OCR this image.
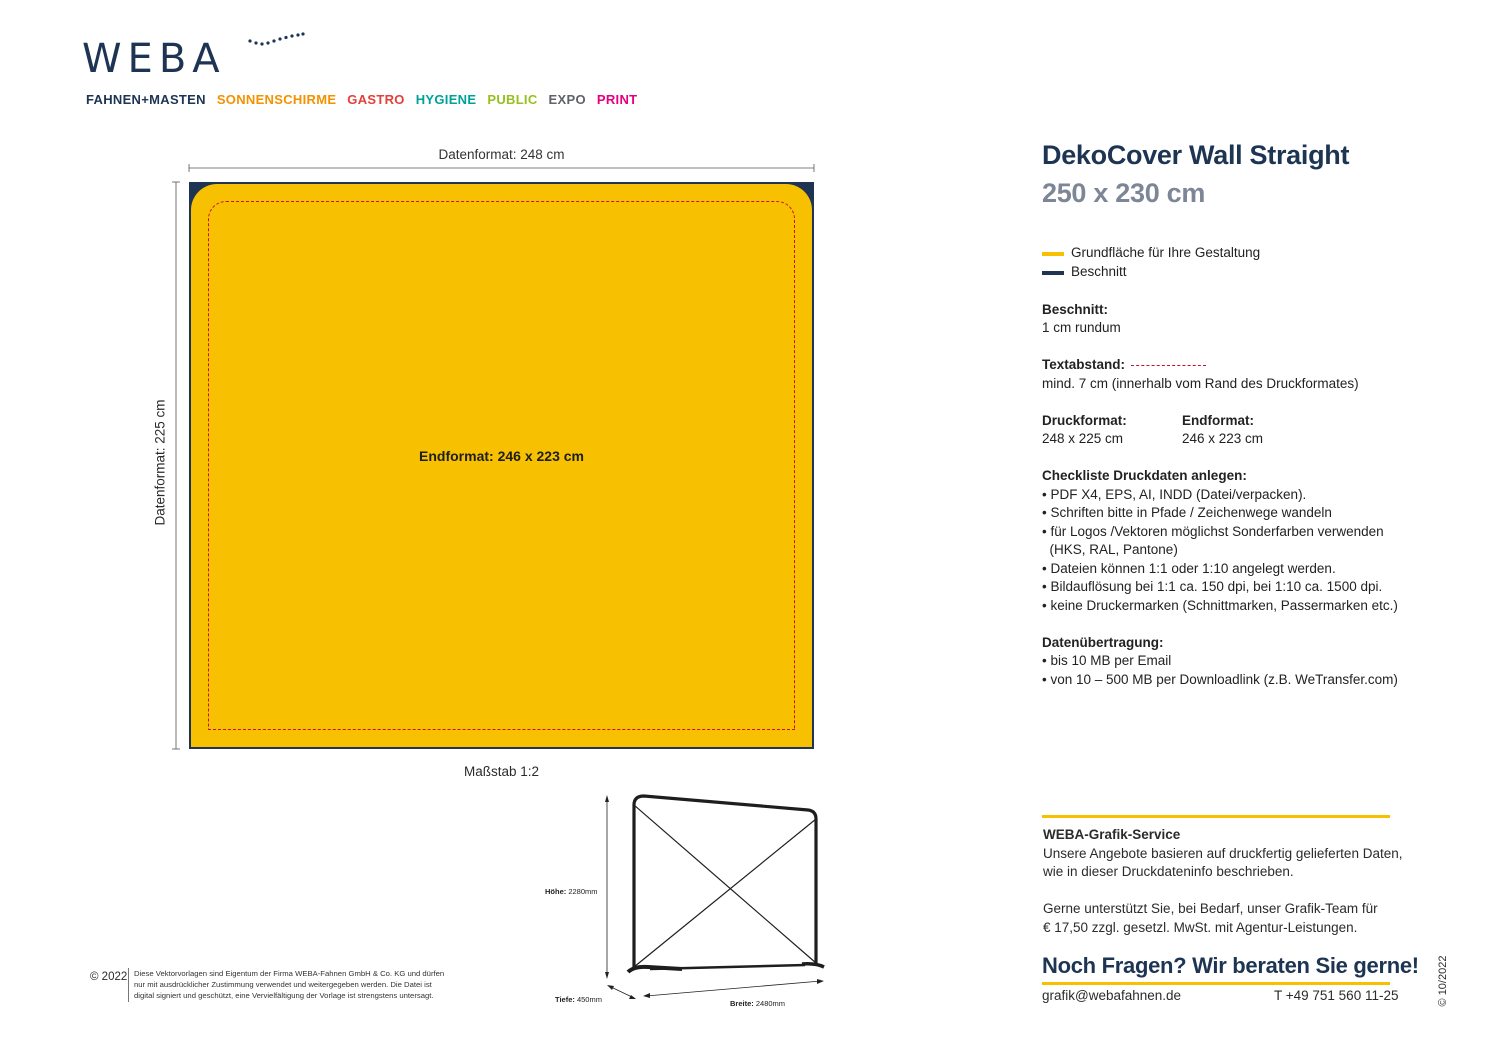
WEBA
FAHNEN+MASTEN SONNENSCHIRME GASTRO HYGIENE PUBLIC EXPO PRINT
Datenformat: 248 cm
Datenformat: 225 cm	Endformat: 246 x 223 cm
Maßstab 1:2
Höhe: 2280mm
Tiefe: 450mm	Breite: 2480mm
DekoCover Wall Straight
250 x 230 cm
Grundfläche für Ihre Gestaltung
Beschnitt
Beschnitt:
1 cm rundum
Textabstand:
mind. 7 cm (innerhalb vom Rand des Druckformates)
Druckformat:
248 x 225 cm
Endformat:
246 x 223 cm
Checkliste Druckdaten anlegen:
• PDF X4, EPS, AI, INDD (Datei/verpacken).
• Schriften bitte in Pfade / Zeichenwege wandeln
• für Logos /Vektoren möglichst Sonderfarben verwenden
(HKS, RAL, Pantone)
• Dateien können 1:1 oder 1:10 angelegt werden.
• Bildauflösung bei 1:1 ca. 150 dpi, bei 1:10 ca. 1500 dpi.
• keine Druckermarken (Schnittmarken, Passermarken etc.)
Datenübertragung:
• bis 10 MB per Email
• von 10 – 500 MB per Downloadlink (z.B. WeTransfer.com)
WEBA-Grafik-Service
Unsere Angebote basieren auf druckfertig gelieferten Daten,
wie in dieser Druckdateninfo beschrieben.
Gerne unterstützt Sie, bei Bedarf, unser Grafik-Team für
€ 17,50 zzgl. gesetzl. MwSt. mit Agentur-Leistungen.
Noch Fragen? Wir beraten Sie gerne!
grafik@webafahnen.de	T +49 751 560 11-25	© 10/2022
© 2022 Diese Vektorvorlagen sind Eigentum der Firma WEBA-Fahnen GmbH & Co. KG und dürfen
nur mit ausdrücklicher Zustimmung verwendet und weitergegeben werden. Die Datei ist
digital signiert und geschützt, eine Vervielfältigung der Vorlage ist strengstens untersagt.
